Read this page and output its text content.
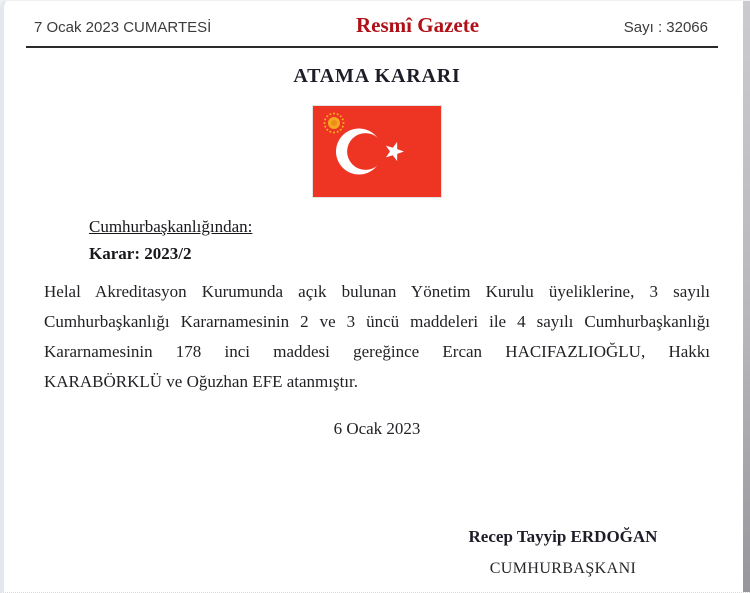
7 Ocak 2023 CUMARTESİ	Resmî Gazete	Sayı : 32066
ATAMA KARARI
Cumhurbaşkanlığından:
Karar: 2023/2
Helal Akreditasyon Kurumunda açık bulunan Yönetim Kurulu üyeliklerine, 3 sayılı
Cumhurbaşkanlığı Kararnamesinin 2 ve 3 üncü maddeleri ile 4 sayılı Cumhurbaşkanlığı
Kararnamesinin 178 inci maddesi gereğince Ercan HACIFAZLIOĞLU, Hakkı
KARABÖRKLÜ ve Oğuzhan EFE atanmıştır.
6 Ocak 2023
Recep Tayyip ERDOĞAN
CUMHURBAŞKANI
